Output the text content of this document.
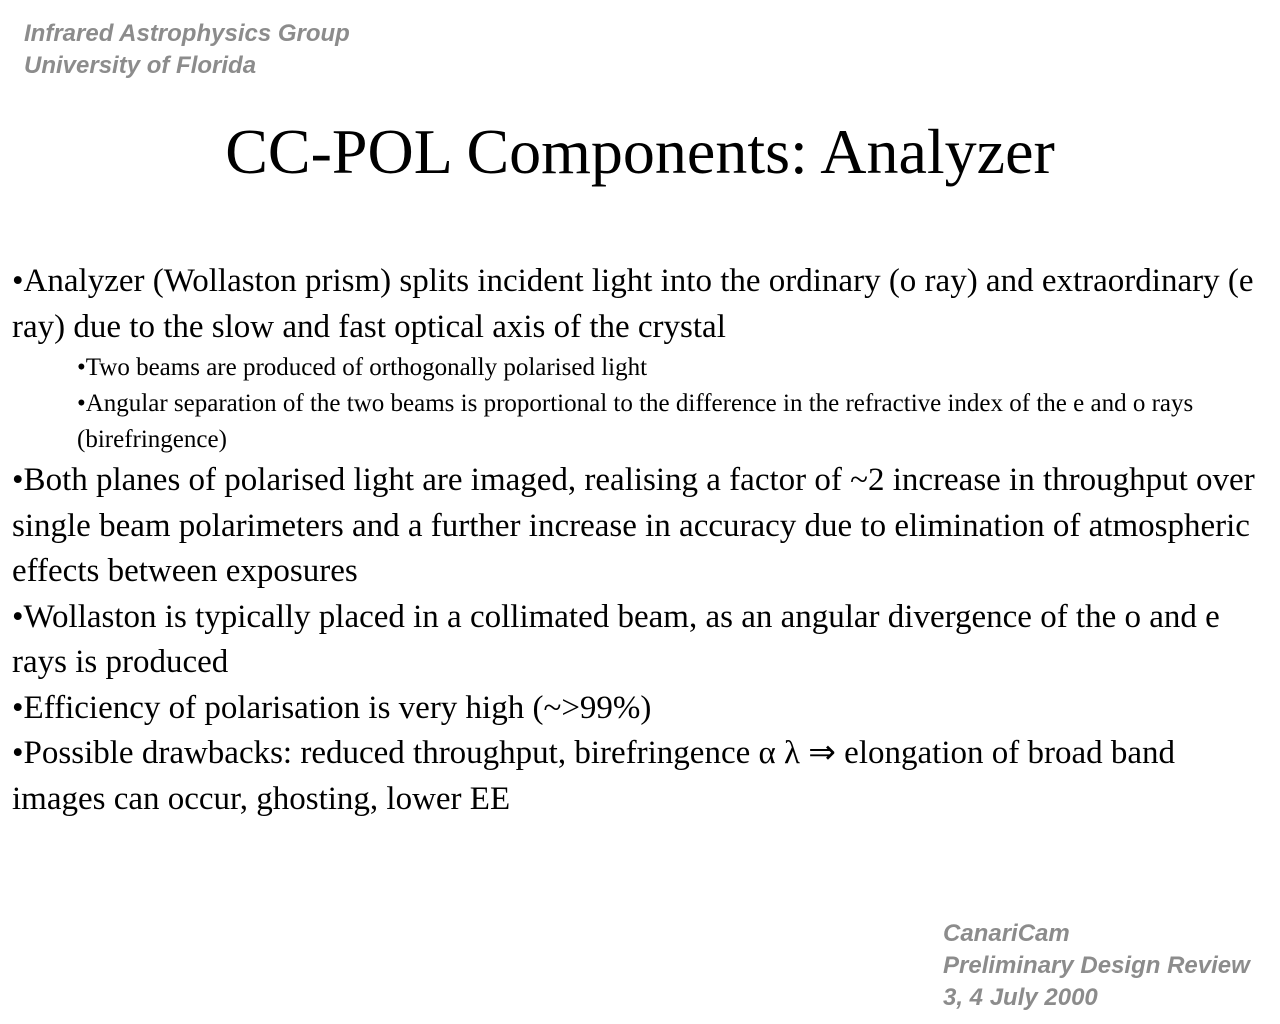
Infrared Astrophysics Group
University of Florida
CC-POL Components: Analyzer

•Analyzer (Wollaston prism) splits incident light into the ordinary (o ray) and extraordinary (e ray) due to the slow and fast optical axis of the crystal

•Two beams are produced of orthogonally polarised light

•Angular separation of the two beams is proportional to the difference in the refractive index of the e and o rays (birefringence)

•Both planes of polarised light are imaged, realising a factor of ~2 increase in throughput over single beam polarimeters and a further increase in accuracy due to elimination of atmospheric effects between exposures

•Wollaston is typically placed in a collimated beam, as an angular divergence of the o and e rays is produced

•Efficiency of polarisation is very high (~>99%)

•Possible drawbacks: reduced throughput, birefringence α λ ⇒ elongation of broad band images can occur, ghosting, lower EE

CanariCam
Preliminary Design Review
3, 4 July 2000
